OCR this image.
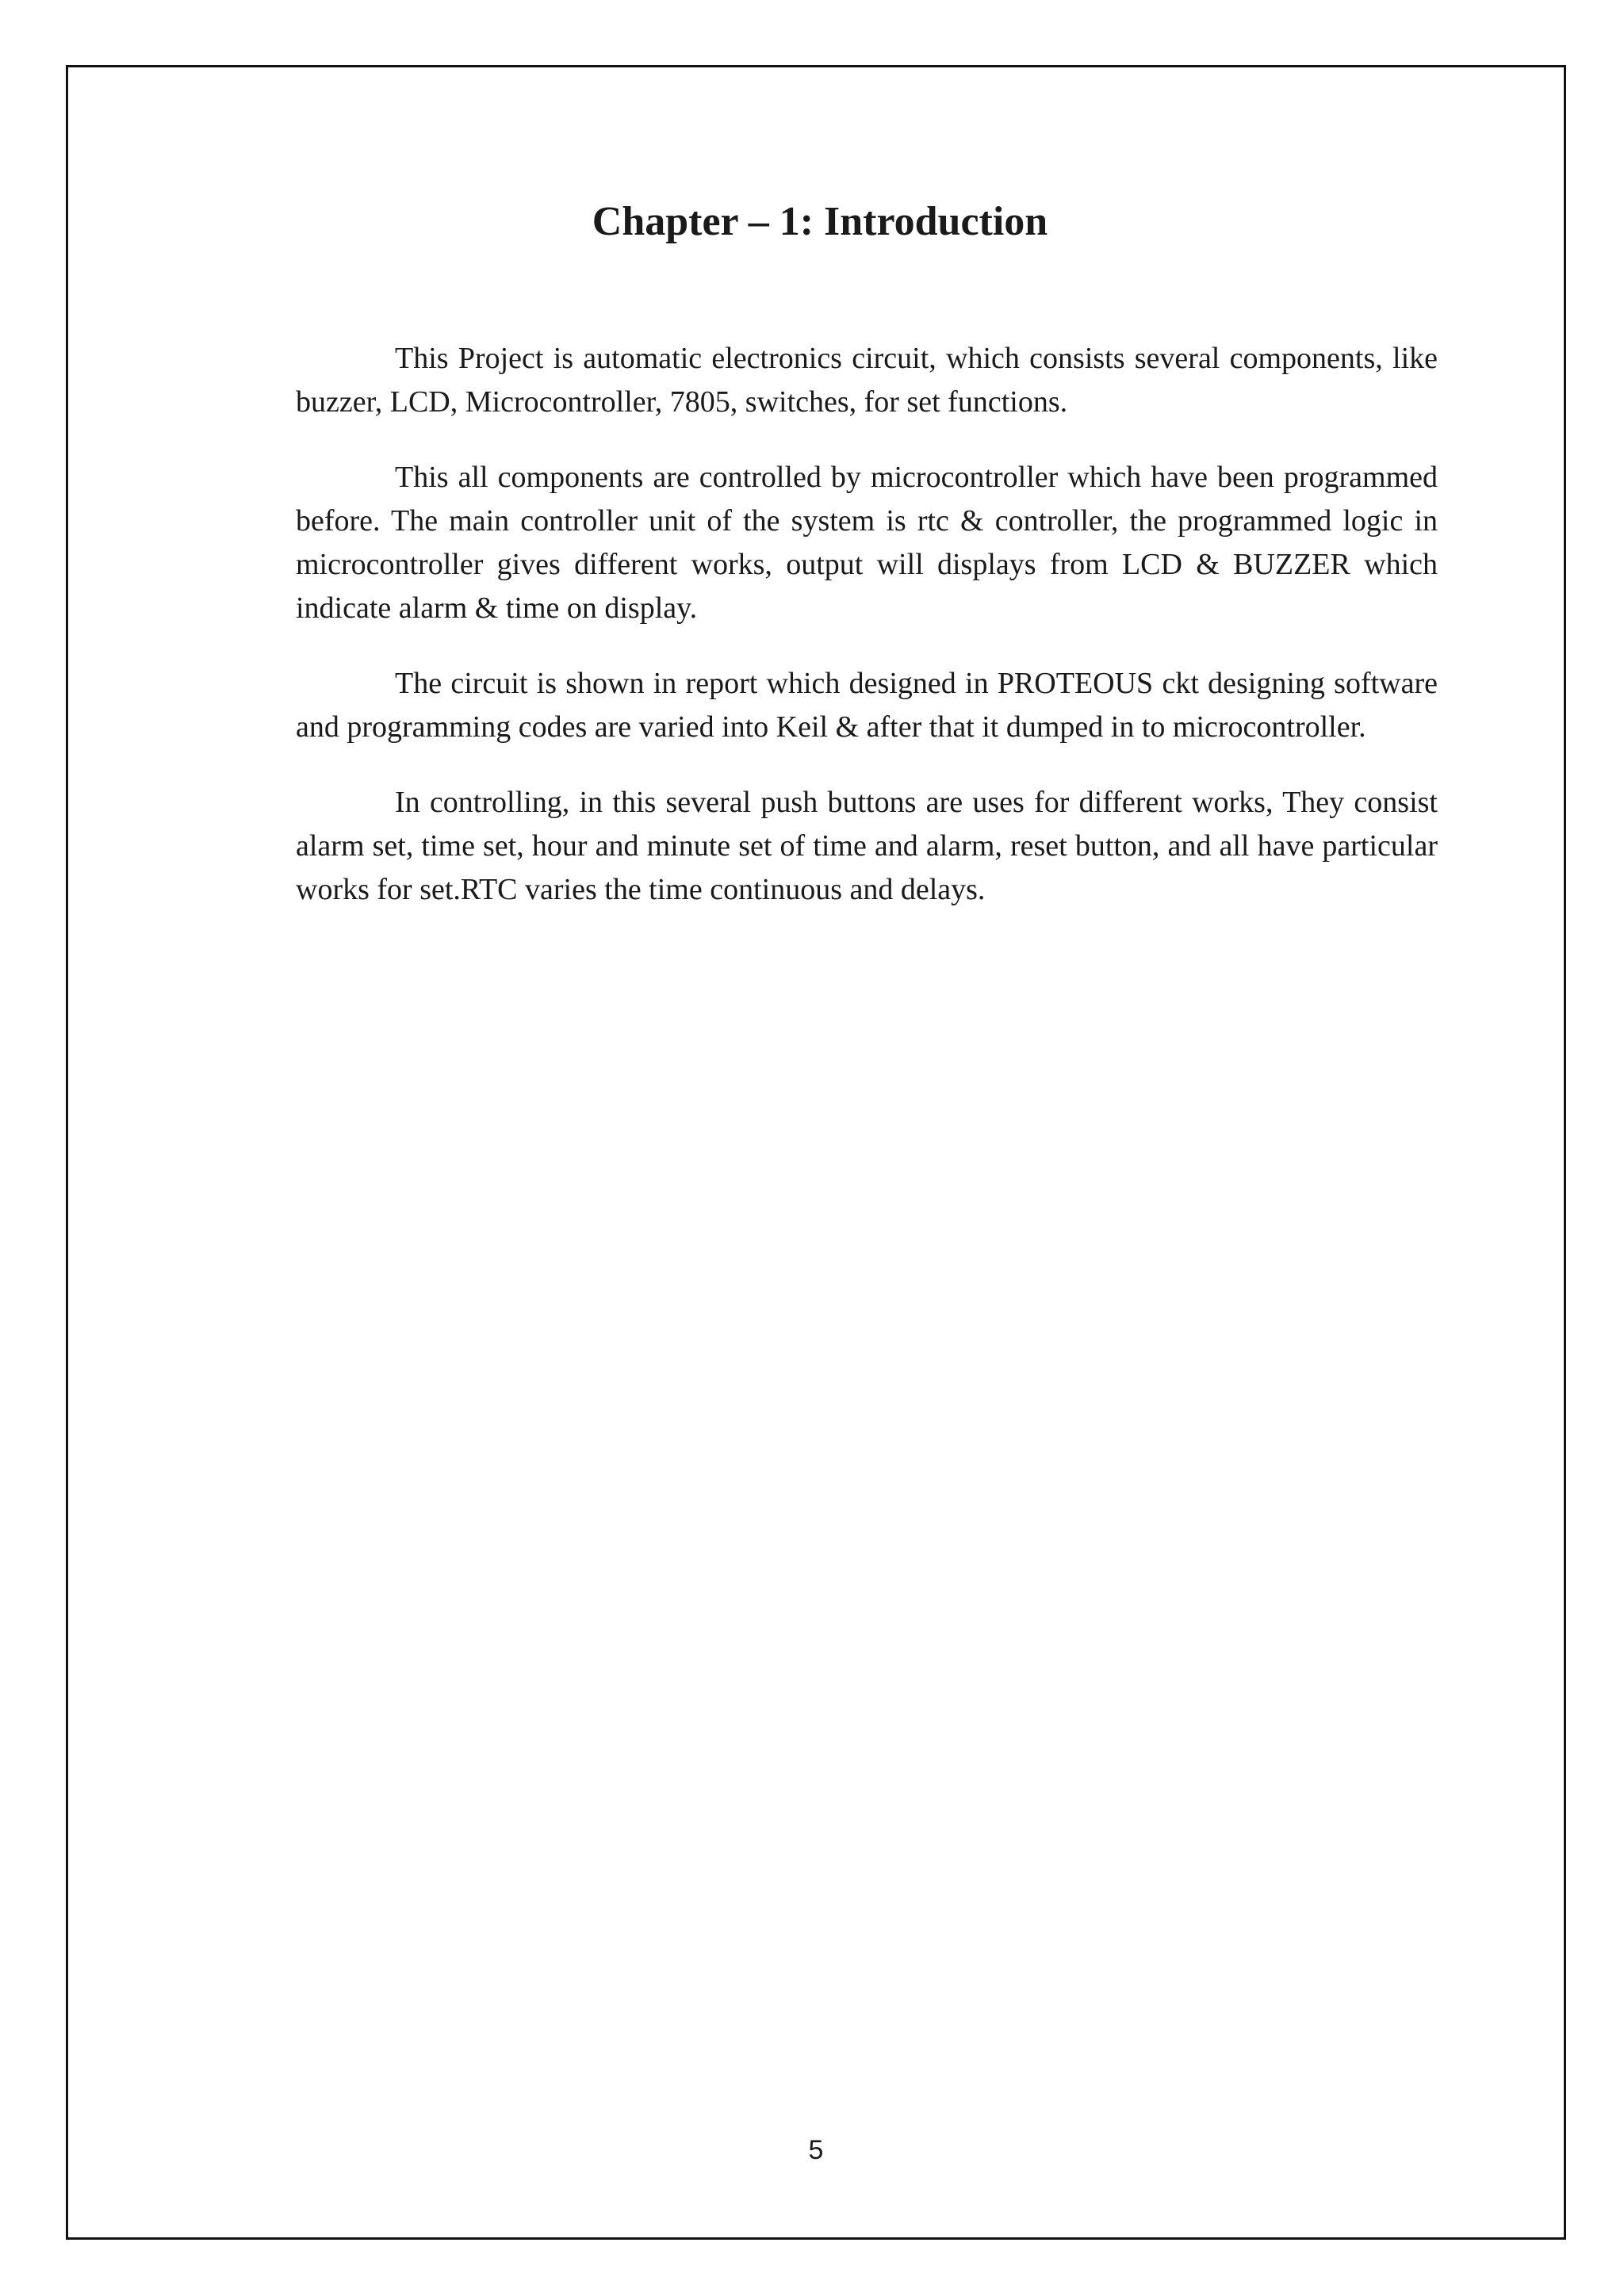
Chapter – 1: Introduction

This Project is automatic electronics circuit, which consists several components, like buzzer, LCD, Microcontroller, 7805, switches, for set functions.

This all components are controlled by microcontroller which have been programmed before. The main controller unit of the system is rtc & controller, the programmed logic in microcontroller gives different works, output will displays from LCD & BUZZER which indicate alarm & time on display.

The circuit is shown in report which designed in PROTEOUS ckt designing software and programming codes are varied into Keil & after that it dumped in to microcontroller.

In controlling, in this several push buttons are uses for different works, They consist alarm set, time set, hour and minute set of time and alarm, reset button, and all have particular works for set.RTC varies the time continuous and delays.

5
